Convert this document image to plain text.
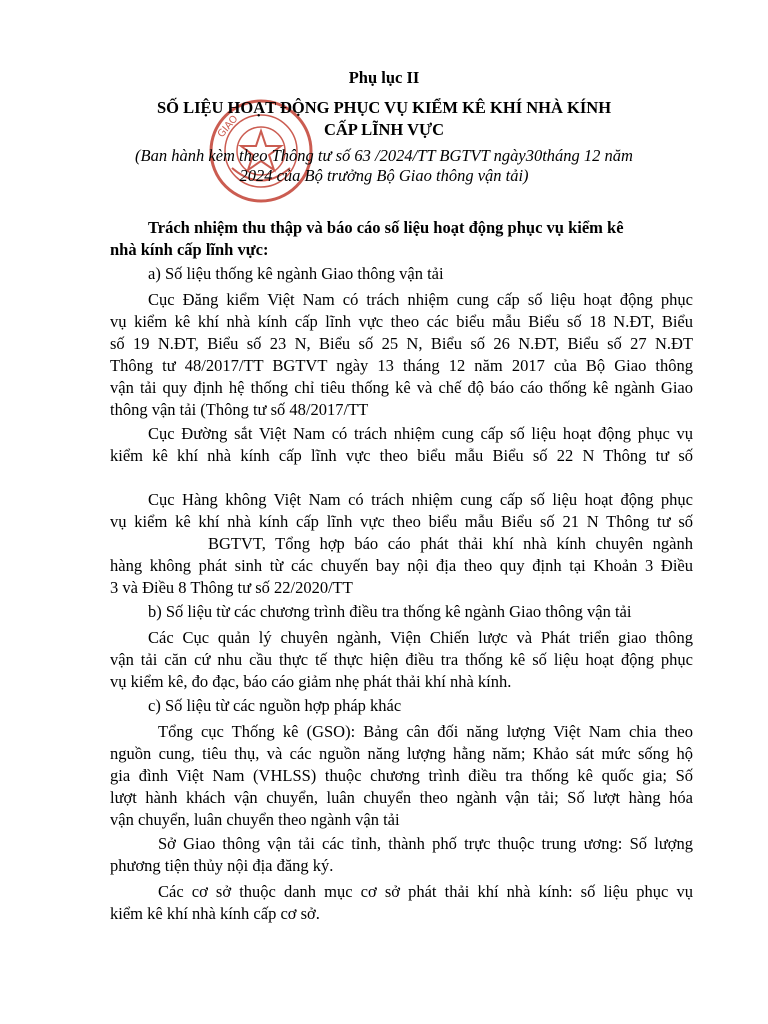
GIAO
Phụ lục II
SỐ LIỆU HOẠT ĐỘNG PHỤC VỤ KIỂM KÊ KHÍ NHÀ KÍNH
CẤP LĨNH VỰC
(Ban hành kèm theo Thông tư số 63 /2024/TT BGTVT ngày30tháng 12 năm
2024 của Bộ trưởng Bộ Giao thông vận tải)
Trách nhiệm thu thập và báo cáo số liệu hoạt động phục vụ kiểm kê
nhà kính cấp lĩnh vực:
a) Số liệu thống kê ngành Giao thông vận tải
Cục Đăng kiểm Việt Nam có trách nhiệm cung cấp số liệu hoạt động phục
vụ kiểm kê khí nhà kính cấp lĩnh vực theo các biểu mẫu Biểu số 18 N.ĐT, Biểu
số 19 N.ĐT, Biểu số 23 N, Biểu số 25 N, Biểu số 26 N.ĐT, Biểu số 27 N.ĐT
Thông tư 48/2017/TT BGTVT ngày 13 tháng 12 năm 2017 của Bộ Giao thông
vận tải quy định hệ thống chỉ tiêu thống kê và chế độ báo cáo thống kê ngành Giao
thông vận tải (Thông tư số 48/2017/TT
Cục Đường sắt Việt Nam có trách nhiệm cung cấp số liệu hoạt động phục vụ
kiểm kê khí nhà kính cấp lĩnh vực theo biểu mẫu Biểu số 22 N Thông tư số
Cục Hàng không Việt Nam có trách nhiệm cung cấp số liệu hoạt động phục
vụ kiểm kê khí nhà kính cấp lĩnh vực theo biểu mẫu Biểu số 21 N Thông tư số
BGTVT, Tổng hợp báo cáo phát thải khí nhà kính chuyên ngành
hàng không phát sinh từ các chuyến bay nội địa theo quy định tại Khoản 3 Điều
3 và Điều 8 Thông tư số 22/2020/TT
b) Số liệu từ các chương trình điều tra thống kê ngành Giao thông vận tải
Các Cục quản lý chuyên ngành, Viện Chiến lược và Phát triển giao thông
vận tải căn cứ nhu cầu thực tế thực hiện điều tra thống kê số liệu hoạt động phục
vụ kiểm kê, đo đạc, báo cáo giảm nhẹ phát thải khí nhà kính.
c) Số liệu từ các nguồn hợp pháp khác
Tổng cục Thống kê (GSO): Bảng cân đối năng lượng Việt Nam chia theo
nguồn cung, tiêu thụ, và các nguồn năng lượng hằng năm; Khảo sát mức sống hộ
gia đình Việt Nam (VHLSS) thuộc chương trình điều tra thống kê quốc gia; Số
lượt hành khách vận chuyển, luân chuyển theo ngành vận tải; Số lượt hàng hóa
vận chuyển, luân chuyển theo ngành vận tải
Sở Giao thông vận tải các tỉnh, thành phố trực thuộc trung ương: Số lượng
phương tiện thủy nội địa đăng ký.
Các cơ sở thuộc danh mục cơ sở phát thải khí nhà kính: số liệu phục vụ
kiểm kê khí nhà kính cấp cơ sở.
